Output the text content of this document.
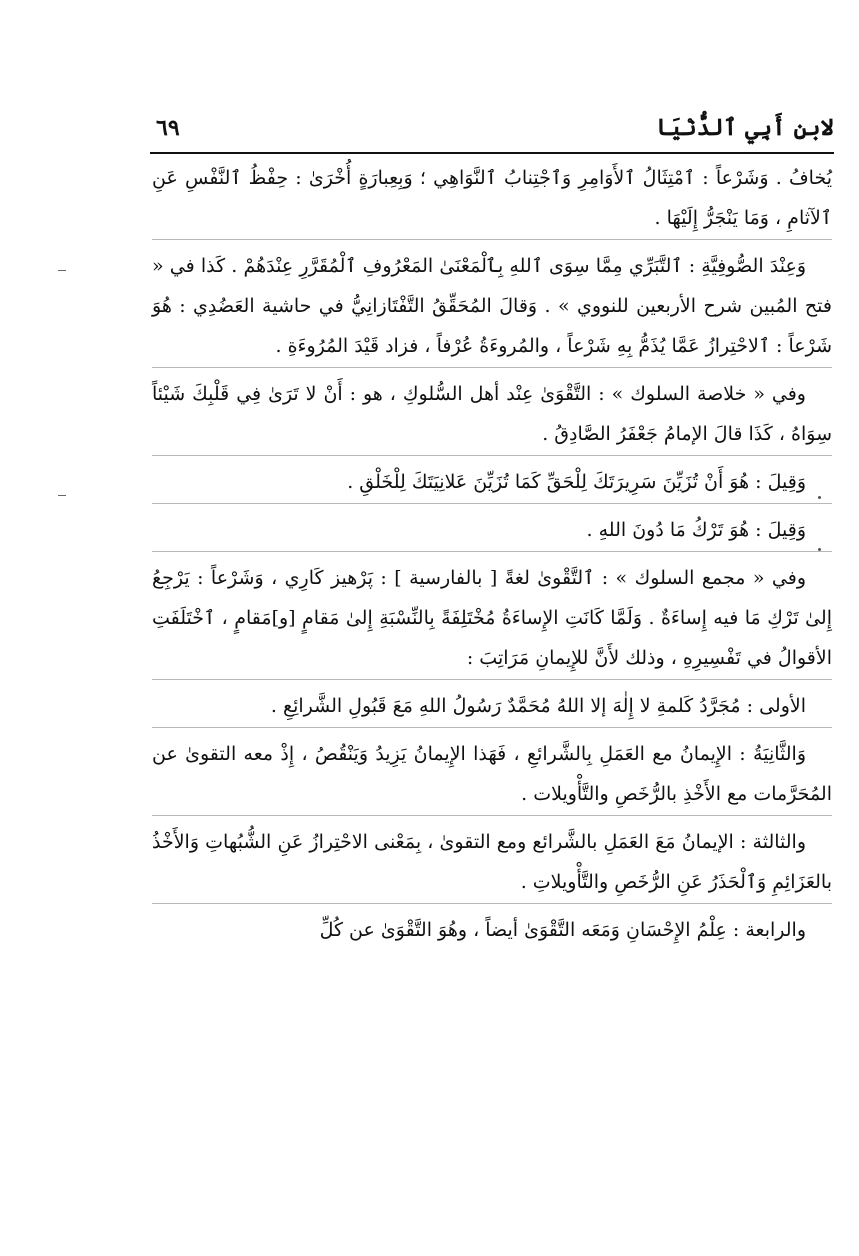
لابنِ أَبِي ٱلدُّنْيَا
٦٩

يُخافُ . وَشَرْعاً : ٱمْتِثَالُ ٱلأَوَامِرِ وَٱجْتِنابُ ٱلنَّوَاهِي ؛ وَبِعِبارَةٍ أُخْرَىٰ : حِفْظُ ٱلنَّفْسِ عَنِ ٱلآثامِ ، وَمَا يَنْجَرُّ إِلَيْهَا .

وَعِنْدَ الصُّوفِيَّةِ : ٱلتَّبَرِّي مِمَّا سِوَى ٱللهِ بِٱلْمَعْنَىٰ المَعْرُوفِ ٱلْمُقَرَّرِ عِنْدَهُمْ . كَذا في « فتح المُبين شرح الأربعين للنووي » . وَقالَ المُحَقِّقُ التَّفْتَازانِيُّ في حاشية العَضُدِي : هُوَ شَرْعاً : ٱلاحْتِرازُ عَمَّا يُذَمُّ بِهِ شَرْعاً ، والمُروءَةُ عُرْفاً ، فزاد قَيْدَ المُرُوءَةِ .

وفي « خلاصة السلوك » : التَّقْوَىٰ عِنْد أهل السُّلوكِ ، هو : أَنْ لا تَرَىٰ فِي قَلْبِكَ شَيْئاً سِوَاهُ ، كَذَا قالَ الإمامُ جَعْفَرُ الصَّادِقُ .

وَقِيلَ : هُوَ أَنْ تُزَيِّنَ سَرِيرَتَكَ لِلْحَقِّ كَمَا تُزَيِّنَ عَلانِيَتَكَ لِلْخَلْقِ .

وَقِيلَ : هُوَ تَرْكُ مَا دُونَ اللهِ .

وفي « مجمع السلوك » : ٱلتَّقْوىٰ لغةً [ بالفارسية ] : پَرْهيز كَارِي ، وَشَرْعاً : يَرْجِعُ إِلىٰ تَرْكِ مَا فيه إِساءَةٌ . وَلَمَّا كَانَتِ الإِساءَةُ مُخْتَلِفَةً بِالنِّسْبَةِ إِلىٰ مَقامٍ [و]مَقامٍ ، ٱخْتَلَفَتِ الأقوالُ في تَفْسِيرِهِ ، وذلك لأَنَّ للإِيمانِ مَرَاتِبَ :

الأولى : مُجَرَّدُ كَلمةِ لا إِلٰهَ إلا اللهُ مُحَمَّدٌ رَسُولُ اللهِ مَعَ قَبُولِ الشَّرائِعِ .

وَالثَّانِيَةُ : الإِيمانُ مع العَمَلِ بِالشَّرائعِ ، فَهَذا الإِيمانُ يَزِيدُ وَيَنْقُصُ ، إِذْ معه التقوىٰ عن المُحَرَّمات مع الأَخْذِ بالرُّخَصِ والتَّأْويلات .

والثالثة : الإيمانُ مَعَ العَمَلِ بالشَّرائع ومع التقوىٰ ، بِمَعْنى الاحْتِرازُ عَنِ الشُّبُهاتِ وَالأَخْذُ بالعَزَائِمِ وَٱلْحَذَرُ عَنِ الرُّخَصِ والتَّأْويلاتِ .

والرابعة : عِلْمُ الإِحْسَانِ وَمَعَه التَّقْوَىٰ أيضاً ، وهُوَ التَّقْوَىٰ عن كُلِّ
